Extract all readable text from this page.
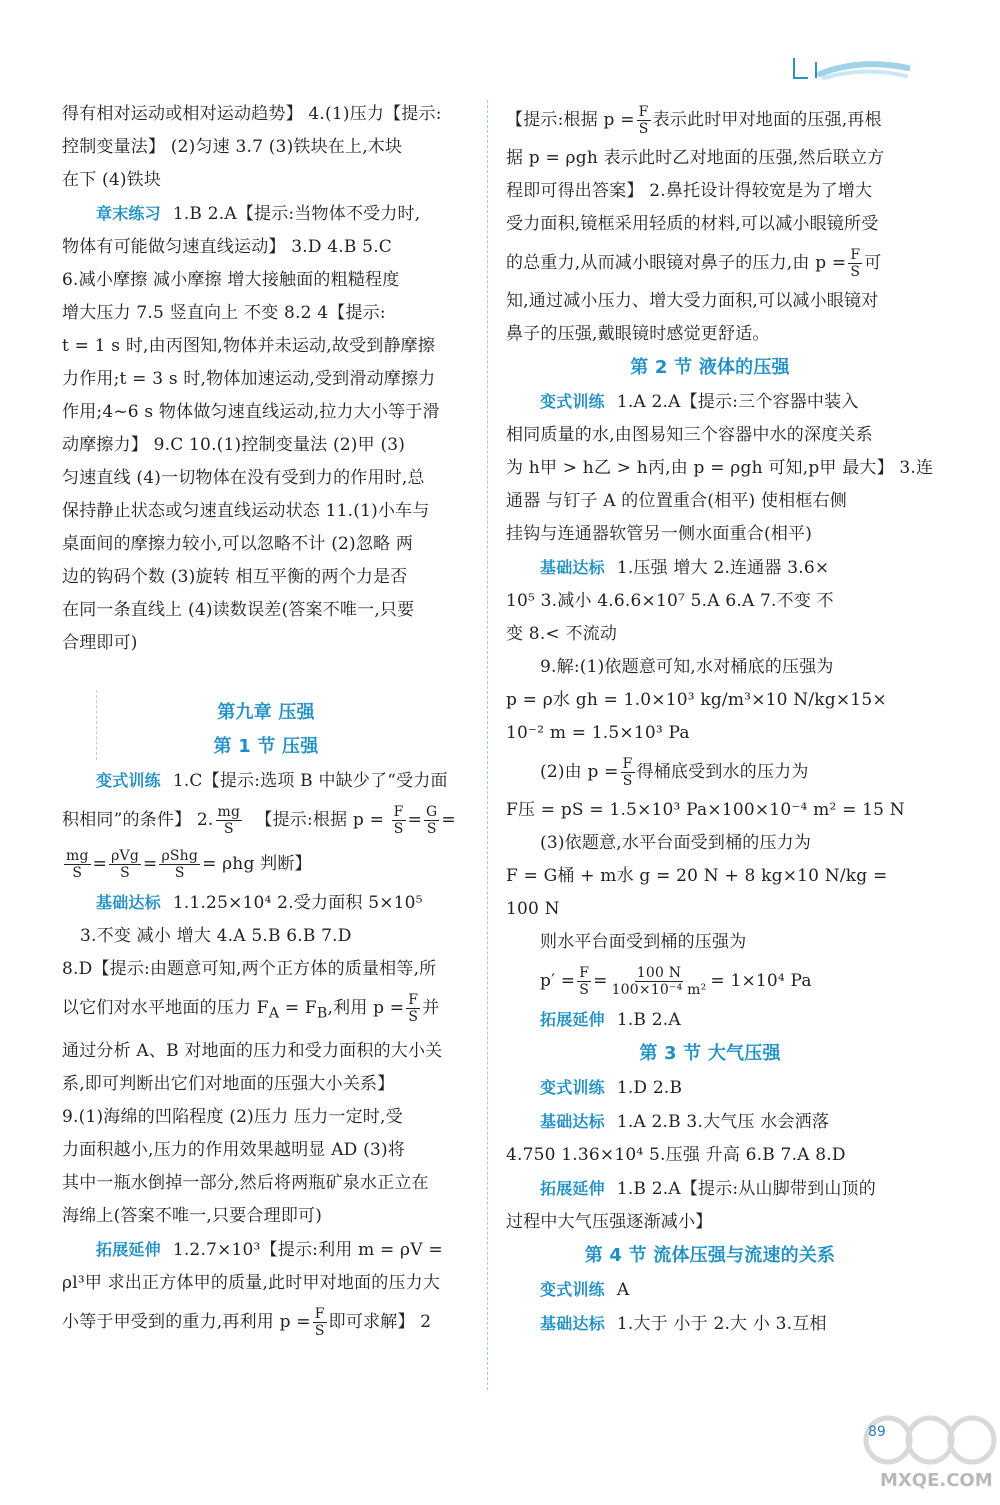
得有相对运动或相对运动趋势】 4.(1)压力【提示:
控制变量法】 (2)匀速 3.7 (3)铁块在上,木块
在下 (4)铁块
章末练习 1.B 2.A【提示:当物体不受力时,
物体有可能做匀速直线运动】 3.D 4.B 5.C
6.减小摩擦 减小摩擦 增大接触面的粗糙程度
增大压力 7.5 竖直向上 不变 8.2 4【提示:
t = 1 s 时,由丙图知,物体并未运动,故受到静摩擦
力作用;t = 3 s 时,物体加速运动,受到滑动摩擦力
作用;4~6 s 物体做匀速直线运动,拉力大小等于滑
动摩擦力】 9.C 10.(1)控制变量法 (2)甲 (3)
匀速直线 (4)一切物体在没有受到力的作用时,总
保持静止状态或匀速直线运动状态 11.(1)小车与
桌面间的摩擦力较小,可以忽略不计 (2)忽略 两
边的钩码个数 (3)旋转 相互平衡的两个力是否
在同一条直线上 (4)读数误差(答案不唯一,只要
合理即可)
第九章 压强
第 1 节 压强
变式训练 1.C【提示:选项 B 中缺少了“受力面
积相同”的条件】 2. $\frac{mg}{S}$ 【提示:根据 $p = \frac{F}{S} = \frac{G}{S}$ =
$\frac{mg}{S} = \frac{\text{ρVg}}{S} = \frac{\text{ρShg}}{S} = \rho hg$ 判断】
基础达标 1.1.25×10⁴ 2.受力面积 5×10⁵
3.不变 减小 增大 4.A 5.B 6.B 7.D
8.D【提示:由题意可知,两个正方体的质量相等,所
以它们对水平地面的压力 $F_A = F_B$,利用 $p = \frac{F}{S}$ 并
通过分析 A、B 对地面的压力和受力面积的大小关
系,即可判断出它们对地面的压强大小关系】
9.(1)海绵的凹陷程度 (2)压力 压力一定时,受
力面积越小,压力的作用效果越明显 AD (3)将
其中一瓶水倒掉一部分,然后将两瓶矿泉水正立在
海绵上(答案不唯一,只要合理即可)
拓展延伸 1.2.7×10³【提示:利用 m = ρV =
ρl³甲 求出正方体甲的质量,此时甲对地面的压力大
小等于甲受到的重力,再利用 $p = \frac{F}{S}$ 即可求解】 2
【提示:根据 $p = \frac{F}{S}$ 表示此时甲对地面的压强,再根
据 p = ρgh 表示此时乙对地面的压强,然后联立方
程即可得出答案】 2.鼻托设计得较宽是为了增大
受力面积,镜框采用轻质的材料,可以减小眼镜所受
的总重力,从而减小眼镜对鼻子的压力,由 $p = \frac{F}{S}$ 可
知,通过减小压力、增大受力面积,可以减小眼镜对
鼻子的压强,戴眼镜时感觉更舒适。
第 2 节 液体的压强
变式训练 1.A 2.A【提示:三个容器中装入
相同质量的水,由图易知三个容器中水的深度关系
为 h甲 > h乙 > h丙,由 p = ρgh 可知,p甲 最大】 3.连
通器 与钉子 A 的位置重合(相平) 使相框右侧
挂钩与连通器软管另一侧水面重合(相平)
基础达标 1.压强 增大 2.连通器 3.6×
10⁵ 3.减小 4.6.6×10⁷ 5.A 6.A 7.不变 不
变 8.< 不流动
9.解:(1)依题意可知,水对桶底的压强为
p = ρ水 gh = 1.0×10³ kg/m³×10 N/kg×15×
10⁻² m = 1.5×10³ Pa
(2)由 $p = \frac{F}{S}$ 得桶底受到水的压力为
F压 = pS = 1.5×10³ Pa×100×10⁻⁴ m² = 15 N
(3)依题意,水平台面受到桶的压力为
F = G桶 + m水 g = 20 N + 8 kg×10 N/kg =
100 N
则水平台面受到桶的压强为
$p' = \frac{F}{S} = \frac{100 N}{\text{100×10⁻⁴ m²}} = 1\times 10^4$ Pa
拓展延伸 1.B 2.A
第 3 节 大气压强
变式训练 1.D 2.B
基础达标 1.A 2.B 3.大气压 水会洒落
4.750 1.36×10⁴ 5.压强 升高 6.B 7.A 8.D
拓展延伸 1.B 2.A【提示:从山脚带到山顶的
过程中大气压强逐渐减小】
第 4 节 流体压强与流速的关系
变式训练 A
基础达标 1.大于 小于 2.大 小 3.互相
89
MXQE.COM
